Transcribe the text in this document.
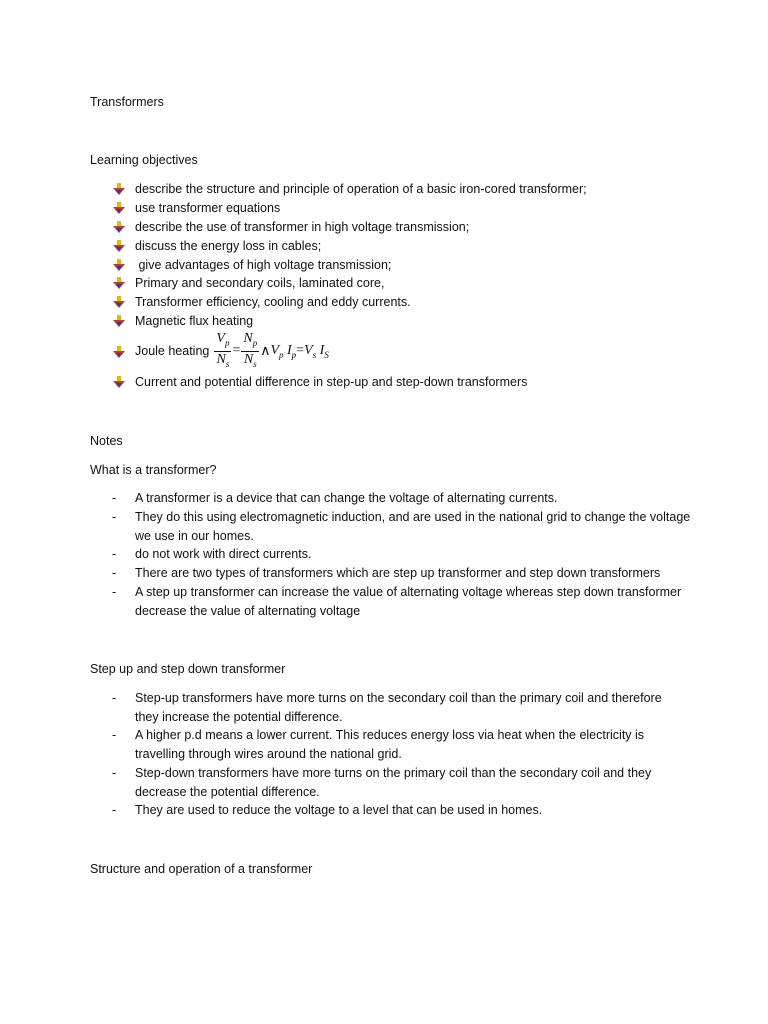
Transformers
Learning objectives
describe the structure and principle of operation of a basic iron-cored transformer;
use transformer equations
describe the use of transformer in high voltage transmission;
discuss the energy loss in cables;
give advantages of high voltage transmission;
Primary and secondary coils, laminated core,
Transformer efficiency, cooling and eddy currents.
Magnetic flux heating
Joule heating $\frac{V_p}{N_s} = \frac{N_p}{N_s}$ ∧ $V_p$ $I_p = V_s$ $I_S$
Current and potential difference in step-up and step-down transformers
Notes
What is a transformer?
- A transformer is a device that can change the voltage of alternating currents.
- They do this using electromagnetic induction, and are used in the national grid to change the voltage we use in our homes.
- do not work with direct currents.
- There are two types of transformers which are step up transformer and step down transformers
- A step up transformer can increase the value of alternating voltage whereas step down transformer decrease the value of alternating voltage
Step up and step down transformer
- Step-up transformers have more turns on the secondary coil than the primary coil and therefore they increase the potential difference.
- A higher p.d means a lower current. This reduces energy loss via heat when the electricity is travelling through wires around the national grid.
- Step-down transformers have more turns on the primary coil than the secondary coil and they decrease the potential difference.
- They are used to reduce the voltage to a level that can be used in homes.
Structure and operation of a transformer
